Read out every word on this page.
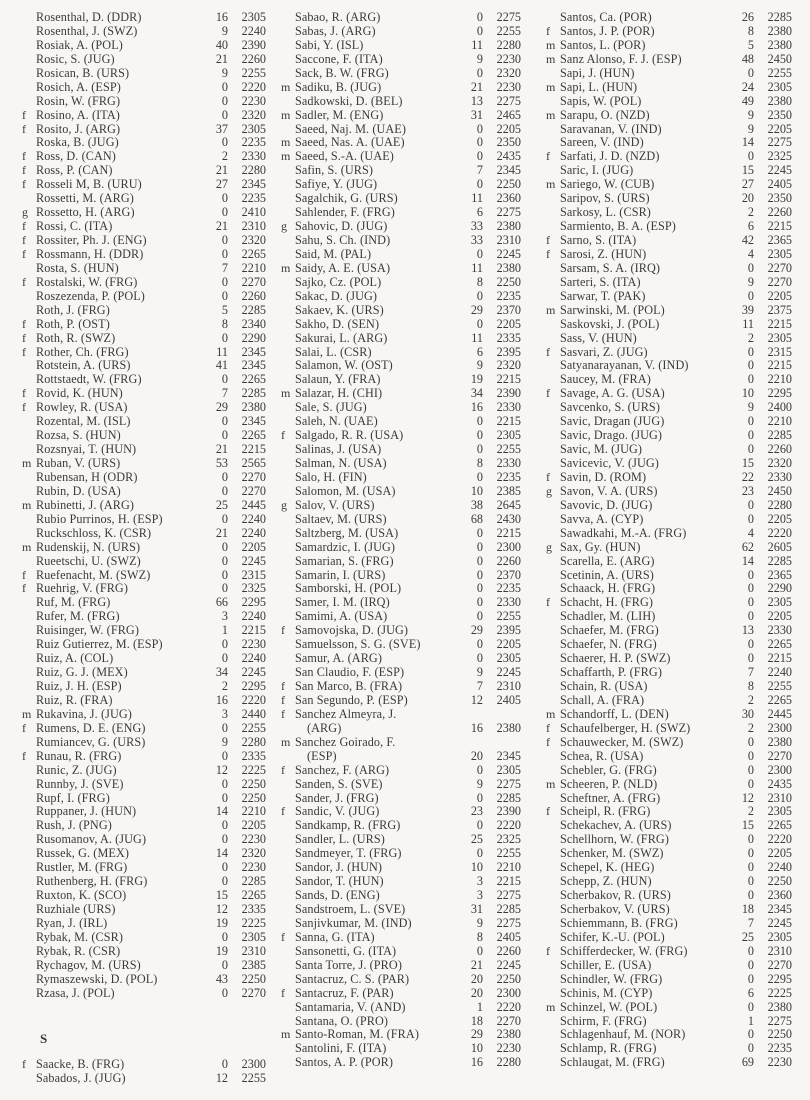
Rosenthal, D. (DDR)	16	2305
Rosenthal, J. (SWZ)	9	2240
Rosiak, A. (POL)	40	2390
Rosic, S. (JUG)	21	2260
Rosican, B. (URS)	9	2255
Rosich, A. (ESP)	0	2220
Rosin, W. (FRG)	0	2230
f Rosino, A. (ITA)	0	2320
f Rosito, J. (ARG)	37	2305
Roska, B. (JUG)	0	2235
f Ross, D. (CAN)	2	2330
f Ross, P. (CAN)	21	2280
f Rosseli M, B. (URU)	27	2345
Rossetti, M. (ARG)	0	2235
g Rossetto, H. (ARG)	0	2410
f Rossi, C. (ITA)	21	2310
f Rossiter, Ph. J. (ENG)	0	2320
f Rossmann, H. (DDR)	0	2265
Rosta, S. (HUN)	7	2210
f Rostalski, W. (FRG)	0	2270
Roszezenda, P. (POL)	0	2260
Roth, J. (FRG)	5	2285
f Roth, P. (OST)	8	2340
f Roth, R. (SWZ)	0	2290
f Rother, Ch. (FRG)	11	2345
Rotstein, A. (URS)	41	2345
Rottstaedt, W. (FRG)	0	2265
f Rovid, K. (HUN)	7	2285
f Rowley, R. (USA)	29	2380
Rozental, M. (ISL)	0	2345
Rozsa, S. (HUN)	0	2265
Rozsnyai, T. (HUN)	21	2215
m Ruban, V. (URS)	53	2565
Rubensan, H (ODR)	0	2270
Rubin, D. (USA)	0	2270
m Rubinetti, J. (ARG)	25	2445
Rubio Purrinos, H. (ESP)	0	2240
Ruckschloss, K. (CSR)	21	2240
m Rudenskij, N. (URS)	0	2205
Rueetschi, U. (SWZ)	0	2245
f Ruefenacht, M. (SWZ)	0	2315
f Ruehrig, V. (FRG)	0	2325
Ruf, M. (FRG)	66	2295
Rufer, M. (FRG)	3	2240
Ruisinger, W. (FRG)	1	2215
Ruiz Gutierrez, M. (ESP)	0	2230
Ruiz, A. (COL)	0	2240
Ruiz, G. J. (MEX)	34	2245
Ruiz, J. H. (ESP)	2	2295
Ruiz, R. (FRA)	16	2220
m Rukavina, J. (JUG)	3	2440
f Rumens, D. E. (ENG)	0	2255
Rumiancev, G. (URS)	9	2280
f Runau, R. (FRG)	0	2335
Runic, Z. (JUG)	12	2225
Runnby, J. (SVE)	0	2250
Rupf, I. (FRG)	0	2250
Ruppaner, J. (HUN)	14	2210
Rush, J. (PNG)	0	2205
Rusomanov, A. (JUG)	0	2230
Russek, G. (MEX)	14	2320
Rustler, M. (FRG)	0	2230
Ruthenberg, H. (FRG)	0	2285
Ruxton, K. (SCO)	15	2265
Ruzhiale (URS)	12	2335
Ryan, J. (IRL)	19	2225
Rybak, M. (CSR)	0	2305
Rybak, R. (CSR)	19	2310
Rychagov, M. (URS)	0	2385
Rymaszewski, D. (POL)	43	2250
Rzasa, J. (POL)	0	2270
S
f Saacke, B. (FRG)	0	2300
Sabados, J. (JUG)	12	2255
Sabao, R. (ARG)	0	2275
Sabas, J. (ARG)	0	2255
Sabi, Y. (ISL)	11	2280
Saccone, F. (ITA)	9	2230
Sack, B. W. (FRG)	0	2320
m Sadiku, B. (JUG)	21	2230
Sadkowski, D. (BEL)	13	2275
m Sadler, M. (ENG)	31	2465
Saeed, Naj. M. (UAE)	0	2205
m Saeed, Nas. A. (UAE)	0	2350
m Saeed, S.-A. (UAE)	0	2435
Safin, S. (URS)	7	2345
Safiye, Y. (JUG)	0	2250
Sagalchik, G. (URS)	11	2360
Sahlender, F. (FRG)	6	2275
g Sahovic, D. (JUG)	33	2380
Sahu, S. Ch. (IND)	33	2310
Said, M. (PAL)	0	2245
m Saidy, A. E. (USA)	11	2380
Sajko, Cz. (POL)	8	2250
Sakac, D. (JUG)	0	2235
Sakaev, K. (URS)	29	2370
Sakho, D. (SEN)	0	2205
Sakurai, L. (ARG)	11	2335
Salai, L. (CSR)	6	2395
Salamon, W. (OST)	9	2320
Salaun, Y. (FRA)	19	2215
m Salazar, H. (CHI)	34	2390
Sale, S. (JUG)	16	2330
Saleh, N. (UAE)	0	2215
f Salgado, R. R. (USA)	0	2305
Salinas, J. (USA)	0	2255
Salman, N. (USA)	8	2330
Salo, H. (FIN)	0	2235
Salomon, M. (USA)	10	2385
g Salov, V. (URS)	38	2645
Saltaev, M. (URS)	68	2430
Saltzberg, M. (USA)	0	2215
Samardzic, I. (JUG)	0	2300
Samarian, S. (FRG)	0	2260
Samarin, I. (URS)	0	2370
Samborski, H. (POL)	0	2235
Samer, I. M. (IRQ)	0	2330
Samimi, A. (USA)	0	2255
f Samovojska, D. (JUG)	29	2395
Samuelsson, S. G. (SVE)	0	2205
Samur, A. (ARG)	0	2305
San Claudio, F. (ESP)	9	2245
f San Marco, B. (FRA)	7	2310
f San Segundo, P. (ESP)	12	2405
f Sanchez Almeyra, J.
(ARG)	16	2380
m Sanchez Goirado, F.
(ESP)	20	2345
f Sanchez, F. (ARG)	0	2305
Sanden, S. (SVE)	9	2275
Sander, J. (FRG)	0	2285
f Sandic, V. (JUG)	23	2390
Sandkamp, R. (FRG)	0	2220
Sandler, L. (URS)	25	2325
Sandmeyer, T. (FRG)	0	2255
Sandor, J. (HUN)	10	2210
Sandor, T. (HUN)	3	2215
Sands, D. (ENG)	3	2275
Sandstroem, L. (SVE)	31	2285
Sanjivkumar, M. (IND)	9	2275
f Sanna, G. (ITA)	8	2405
Sansonetti, G. (ITA)	0	2260
Santa Torre, J. (PRO)	21	2245
Santacruz, C. S. (PAR)	20	2250
f Santacruz, F. (PAR)	20	2300
Santamaria, V. (AND)	1	2220
Santana, O. (PRO)	18	2270
m Santo-Roman, M. (FRA)	29	2380
Santolini, F. (ITA)	10	2230
Santos, A. P. (POR)	16	2280
Santos, Ca. (POR)	26	2285
f Santos, J. P. (POR)	8	2380
m Santos, L. (POR)	5	2380
m Sanz Alonso, F. J. (ESP)	48	2450
Sapi, J. (HUN)	0	2255
m Sapi, L. (HUN)	24	2305
Sapis, W. (POL)	49	2380
m Sarapu, O. (NZD)	9	2350
Saravanan, V. (IND)	9	2205
Sareen, V. (IND)	14	2275
f Sarfati, J. D. (NZD)	0	2325
Saric, I. (JUG)	15	2245
m Sariego, W. (CUB)	27	2405
Saripov, S. (URS)	20	2350
Sarkosy, L. (CSR)	2	2260
Sarmiento, B. A. (ESP)	6	2215
f Sarno, S. (ITA)	42	2365
f Sarosi, Z. (HUN)	4	2305
Sarsam, S. A. (IRQ)	0	2270
Sarteri, S. (ITA)	9	2270
Sarwar, T. (PAK)	0	2205
m Sarwinski, M. (POL)	39	2375
Saskovski, J. (POL)	11	2215
Sass, V. (HUN)	2	2305
f Sasvari, Z. (JUG)	0	2315
Satyanarayanan, V. (IND)	0	2215
Saucey, M. (FRA)	0	2210
f Savage, A. G. (USA)	10	2295
Savcenko, S. (URS)	9	2400
Savic, Dragan (JUG)	0	2210
Savic, Drago. (JUG)	0	2285
Savic, M. (JUG)	0	2260
Savicevic, V. (JUG)	15	2320
f Savin, D. (ROM)	22	2330
g Savon, V. A. (URS)	23	2450
Savovic, D. (JUG)	0	2280
Savva, A. (CYP)	0	2205
Sawadkahi, M.-A. (FRG)	4	2220
g Sax, Gy. (HUN)	62	2605
Scarella, E. (ARG)	14	2285
Scetinin, A. (URS)	0	2365
Schaack, H. (FRG)	0	2290
f Schacht, H. (FRG)	0	2305
Schadler, M. (LIH)	0	2205
Schaefer, M. (FRG)	13	2330
Schaefer, N. (FRG)	0	2265
Schaerer, H. P. (SWZ)	0	2215
Schaffarth, P. (FRG)	7	2240
Schain, R. (USA)	8	2255
Schall, A. (FRA)	2	2265
m Schandorff, L. (DEN)	30	2445
f Schaufelberger, H. (SWZ)	2	2300
f Schauwecker, M. (SWZ)	0	2380
Schea, R. (USA)	0	2270
Schebler, G. (FRG)	0	2300
m Scheeren, P. (NLD)	0	2435
Scheftner, A. (FRG)	12	2310
f Scheipl, R. (FRG)	2	2305
Schekachev, A. (URS)	15	2265
Schellhorn, W. (FRG)	0	2220
Schenker, M. (SWZ)	0	2205
Schepel, K. (HEG)	0	2240
Schepp, Z. (HUN)	0	2250
Scherbakov, R. (URS)	0	2360
Scherbakov, V. (URS)	18	2345
Schiemmann, B. (FRG)	7	2245
Schifer, K.-U. (POL)	25	2305
f Schifferdecker, W. (FRG)	0	2310
Schiller, E. (USA)	0	2270
Schindler, W. (FRG)	0	2295
Schinis, M. (CYP)	6	2225
m Schinzel, W. (POL)	0	2380
Schirm, F. (FRG)	1	2275
Schlagenhauf, M. (NOR)	0	2250
Schlamp, R. (FRG)	0	2235
Schlaugat, M. (FRG)	69	2230
